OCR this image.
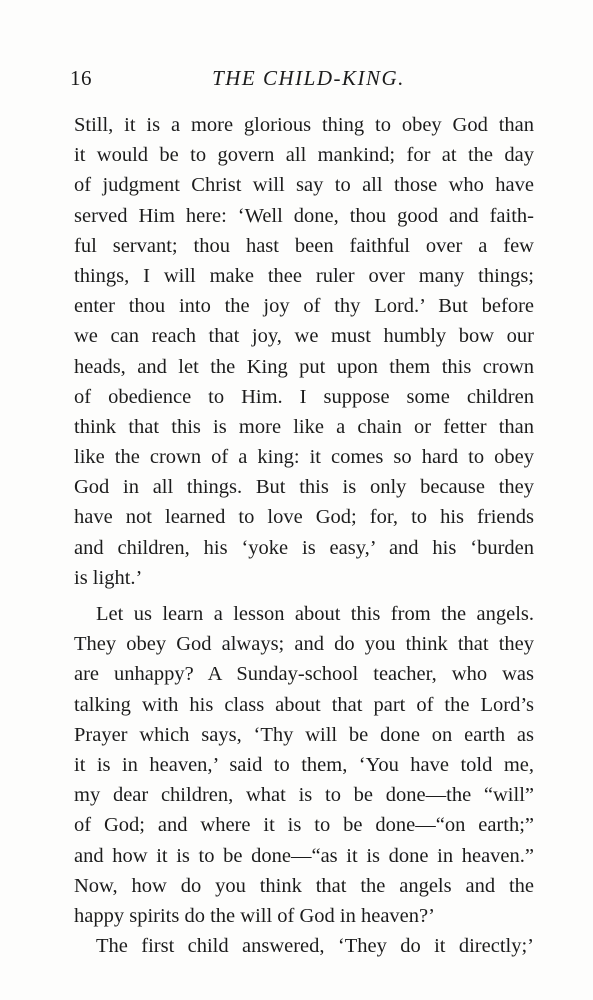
16	THE CHILD-KING.
Still, it is a more glorious thing to obey God than
it would be to govern all mankind; for at the day
of judgment Christ will say to all those who have
served Him here: ‘Well done, thou good and faith-
ful servant; thou hast been faithful over a few
things, I will make thee ruler over many things;
enter thou into the joy of thy Lord.’ But before
we can reach that joy, we must humbly bow our
heads, and let the King put upon them this crown
of obedience to Him. I suppose some children
think that this is more like a chain or fetter than
like the crown of a king: it comes so hard to obey
God in all things. But this is only because they
have not learned to love God; for, to his friends
and children, his ‘yoke is easy,’ and his ‘burden
is light.’
Let us learn a lesson about this from the angels.
They obey God always; and do you think that they
are unhappy? A Sunday-school teacher, who was
talking with his class about that part of the Lord’s
Prayer which says, ‘Thy will be done on earth as
it is in heaven,’ said to them, ‘You have told me,
my dear children, what is to be done—the “will”
of God; and where it is to be done—“on earth;”
and how it is to be done—“as it is done in heaven.”
Now, how do you think that the angels and the
happy spirits do the will of God in heaven?’
The first child answered, ‘They do it directly;’
